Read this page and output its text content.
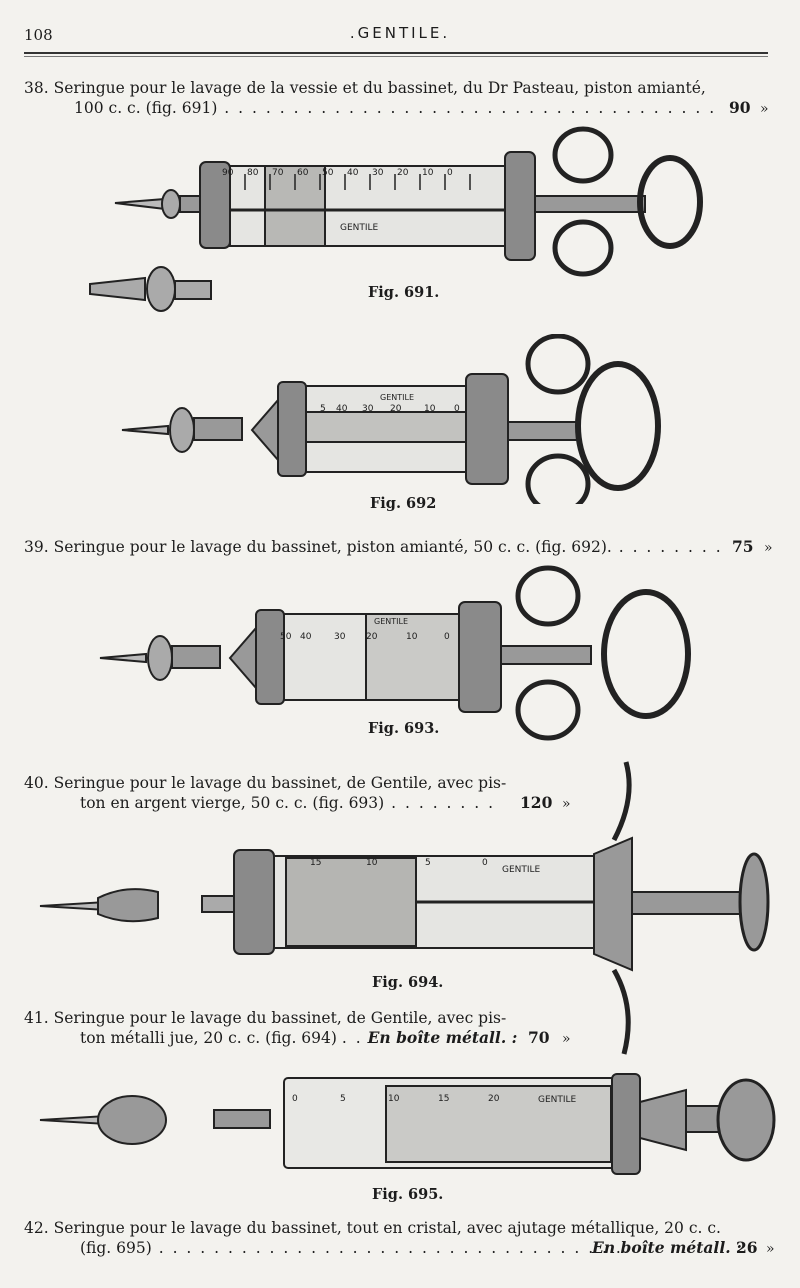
108	.GENTILE.
38. Seringue pour le lavage de la vessie et du bassinet, du Dr Pasteau, piston amianté,
100 c. c. (fig. 691) . . . . . . . . . . . . . . . . . . . . . . . . . . . . . . . . . . . . 90 »
GENTILE
Fig. 691.
GENTILE
Fig. 692
39. Seringue pour le lavage du bassinet, piston amianté, 50 c. c. (fig. 692). . . . . . . . . 75 »
GENTILE
Fig. 693.
40. Seringue pour le lavage du bassinet, de Gentile, avec pis-
ton en argent vierge, 50 c. c. (fig. 693) . . . . . . . . 120 »
GENTILE
Fig. 694.
41. Seringue pour le lavage du bassinet, de Gentile, avec pis-
ton métalli jue, 20 c. c. (fig. 694) . . En boîte métall. : 70 »
GENTILE
Fig. 695.
42. Seringue pour le lavage du bassinet, tout en cristal, avec ajutage métallique, 20 c. c.
(fig. 695) . . . . . . . . . . . . . . . . . . . . . . . . . . . . . . . . . .
En boîte métall. :
26 »
90 80 70 60 50 40 30 20 10 0
5 40 30 20	10 0
50 40	30 20	10	0
15	10	5	0
0	5	10	15	20
